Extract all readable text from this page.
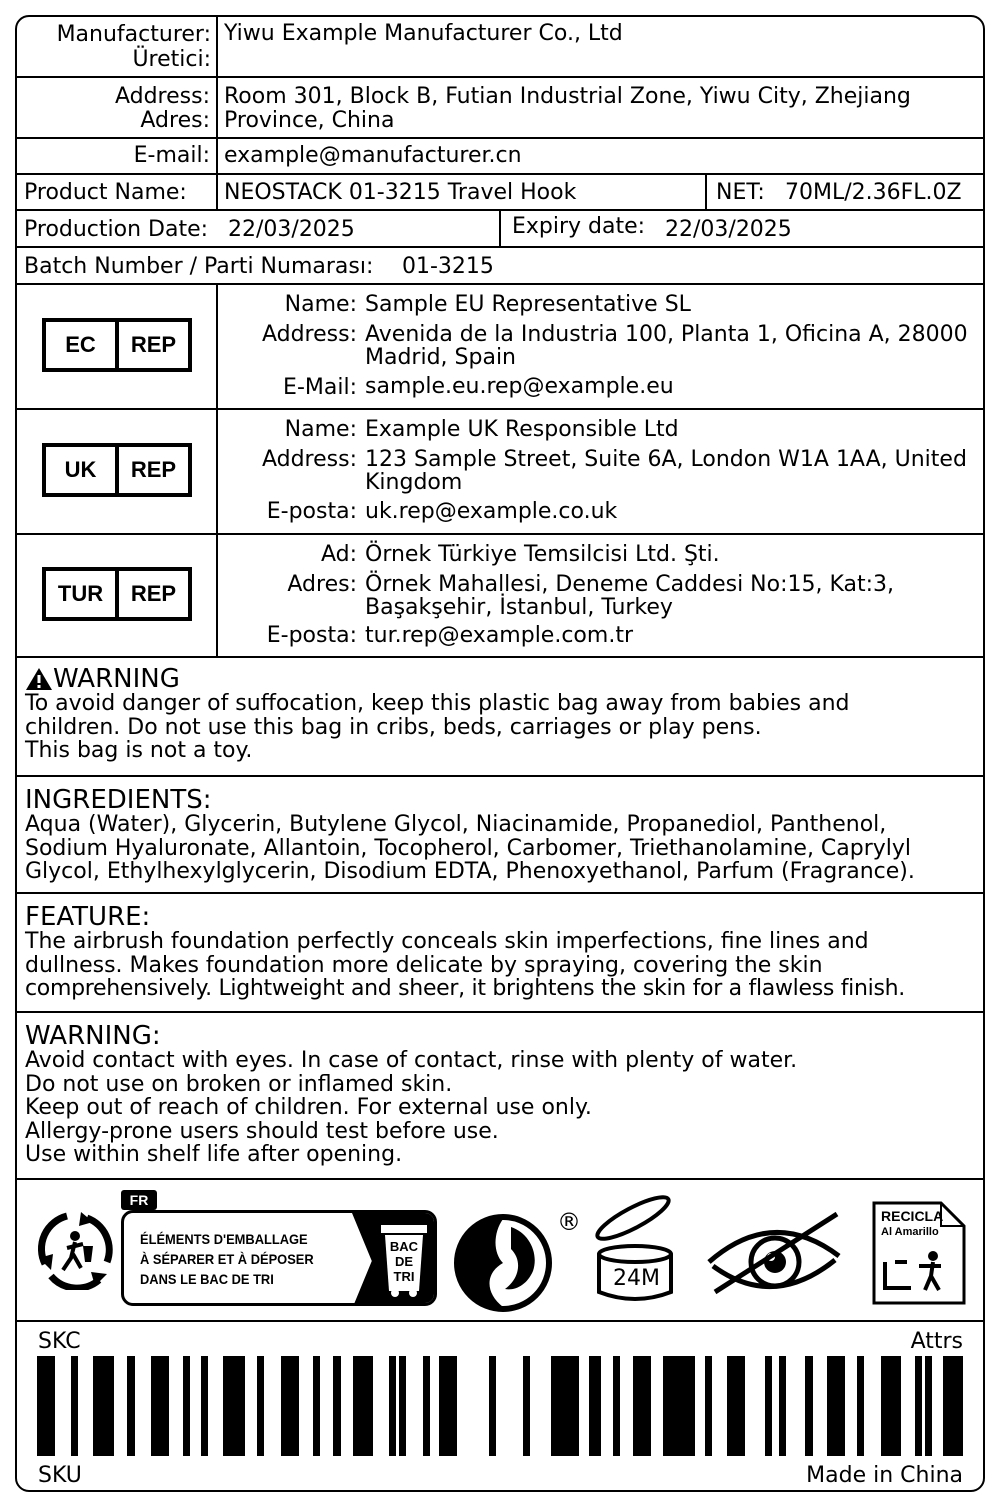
Manufacturer:
Üretici:
Yiwu Example Manufacturer Co., Ltd
Address:
Adres:
Room 301, Block B, Futian Industrial Zone, Yiwu City, Zhejiang
Province, China
E-mail: example@manufacturer.cn
Product Name: NEOSTACK 01-3215 Travel Hook	NET: 70ML/2.36FL.0Z
Production Date: 22/03/2025	Expiry date: 22/03/2025
Batch Number / Parti Numarası: 01-3215
EC	REP
Name: Sample EU Representative SL
Address: Avenida de la Industria 100, Planta 1, Oficina A, 28000
Madrid, Spain
E-Mail: sample.eu.rep@example.eu
UK	REP
Name: Example UK Responsible Ltd
Address: 123 Sample Street, Suite 6A, London W1A 1AA, United
Kingdom
E-posta: uk.rep@example.co.uk
TUR	REP
Ad: Örnek Türkiye Temsilcisi Ltd. Şti.
Adres: Örnek Mahallesi, Deneme Caddesi No:15, Kat:3,
Başakşehir, İstanbul, Turkey
E-posta: tur.rep@example.com.tr
WARNING
To avoid danger of suffocation, keep this plastic bag away from babies and
children. Do not use this bag in cribs, beds, carriages or play pens.
This bag is not a toy.
INGREDIENTS:
Aqua (Water), Glycerin, Butylene Glycol, Niacinamide, Propanediol, Panthenol,
Sodium Hyaluronate, Allantoin, Tocopherol, Carbomer, Triethanolamine, Caprylyl
Glycol, Ethylhexylglycerin, Disodium EDTA, Phenoxyethanol, Parfum (Fragrance).
FEATURE:
The airbrush foundation perfectly conceals skin imperfections, fine lines and
dullness. Makes foundation more delicate by spraying, covering the skin
comprehensively. Lightweight and sheer, it brightens the skin for a flawless finish.
WARNING:
Avoid contact with eyes. In case of contact, rinse with plenty of water.
Do not use on broken or inflamed skin.
Keep out of reach of children. For external use only.
Allergy-prone users should test before use.
Use within shelf life after opening.
FR
ÉLÉMENTS D'EMBALLAGE
À SÉPARER ET À DÉPOSER
DANS LE BAC DE TRI
BAC
DE
TRI
®
24M
RECICLA
Al Amarillo
SKC	Attrs
SKU	Made in China
